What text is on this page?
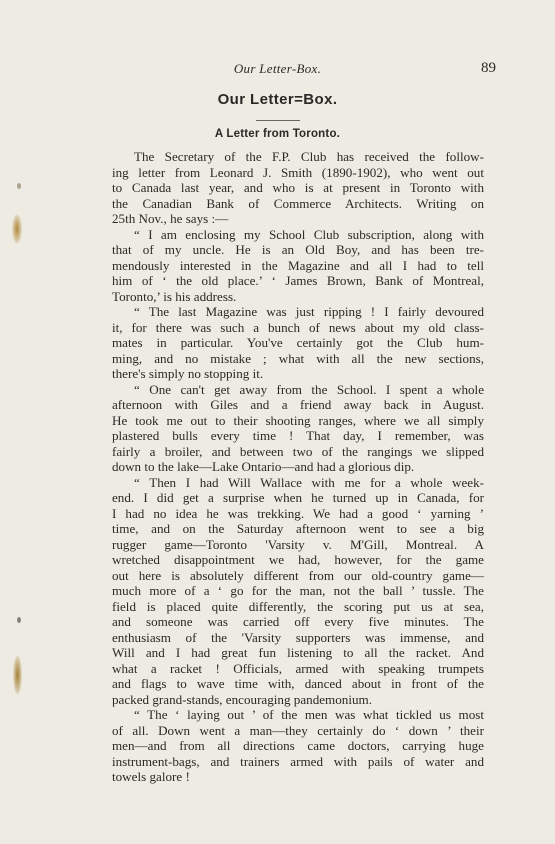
Our Letter-Box.	89
Our Letter=Box.
A Letter from Toronto.
The Secretary of the F.P. Club has received the follow-
ing letter from Leonard J. Smith (1890-1902), who went out
to Canada last year, and who is at present in Toronto with
the Canadian Bank of Commerce Architects. Writing on
25th Nov., he says :—
“ I am enclosing my School Club subscription, along with
that of my uncle. He is an Old Boy, and has been tre-
mendously interested in the Magazine and all I had to tell
him of ‘ the old place.’ ‘ James Brown, Bank of Montreal,
Toronto,’ is his address.
“ The last Magazine was just ripping ! I fairly devoured
it, for there was such a bunch of news about my old class-
mates in particular. You've certainly got the Club hum-
ming, and no mistake ; what with all the new sections,
there's simply no stopping it.
“ One can't get away from the School. I spent a whole
afternoon with Giles and a friend away back in August.
He took me out to their shooting ranges, where we all simply
plastered bulls every time ! That day, I remember, was
fairly a broiler, and between two of the rangings we slipped
down to the lake—Lake Ontario—and had a glorious dip.
“ Then I had Will Wallace with me for a whole week-
end. I did get a surprise when he turned up in Canada, for
I had no idea he was trekking. We had a good ‘ yarning ’
time, and on the Saturday afternoon went to see a big
rugger game—Toronto 'Varsity v. M'Gill, Montreal. A
wretched disappointment we had, however, for the game
out here is absolutely different from our old-country game—
much more of a ‘ go for the man, not the ball ’ tussle. The
field is placed quite differently, the scoring put us at sea,
and someone was carried off every five minutes. The
enthusiasm of the 'Varsity supporters was immense, and
Will and I had great fun listening to all the racket. And
what a racket ! Officials, armed with speaking trumpets
and flags to wave time with, danced about in front of the
packed grand-stands, encouraging pandemonium.
“ The ‘ laying out ’ of the men was what tickled us most
of all. Down went a man—they certainly do ‘ down ’ their
men—and from all directions came doctors, carrying huge
instrument-bags, and trainers armed with pails of water and
towels galore !
